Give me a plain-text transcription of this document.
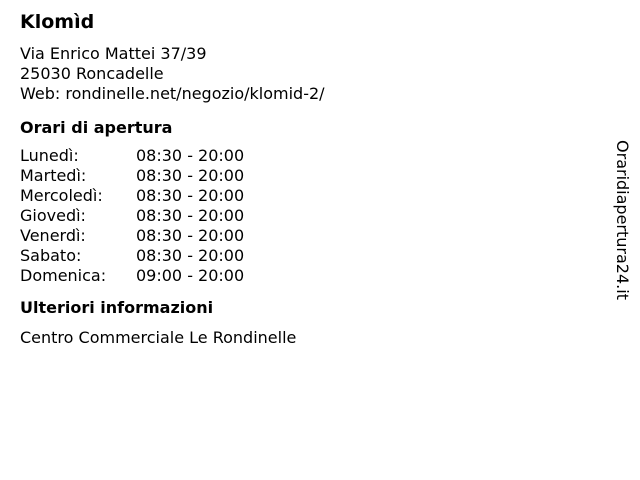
Klomìd
Via Enrico Mattei 37/39
25030 Roncadelle
Web: rondinelle.net/negozio/klomid-2/
Orari di apertura
Lunedì:	08:30 - 20:00
Martedì:	08:30 - 20:00
Mercoledì:	08:30 - 20:00
Giovedì:	08:30 - 20:00
Venerdì:	08:30 - 20:00
Sabato:	08:30 - 20:00
Domenica:	09:00 - 20:00
Ulteriori informazioni
Centro Commerciale Le Rondinelle
Oraridiapertura24.it
